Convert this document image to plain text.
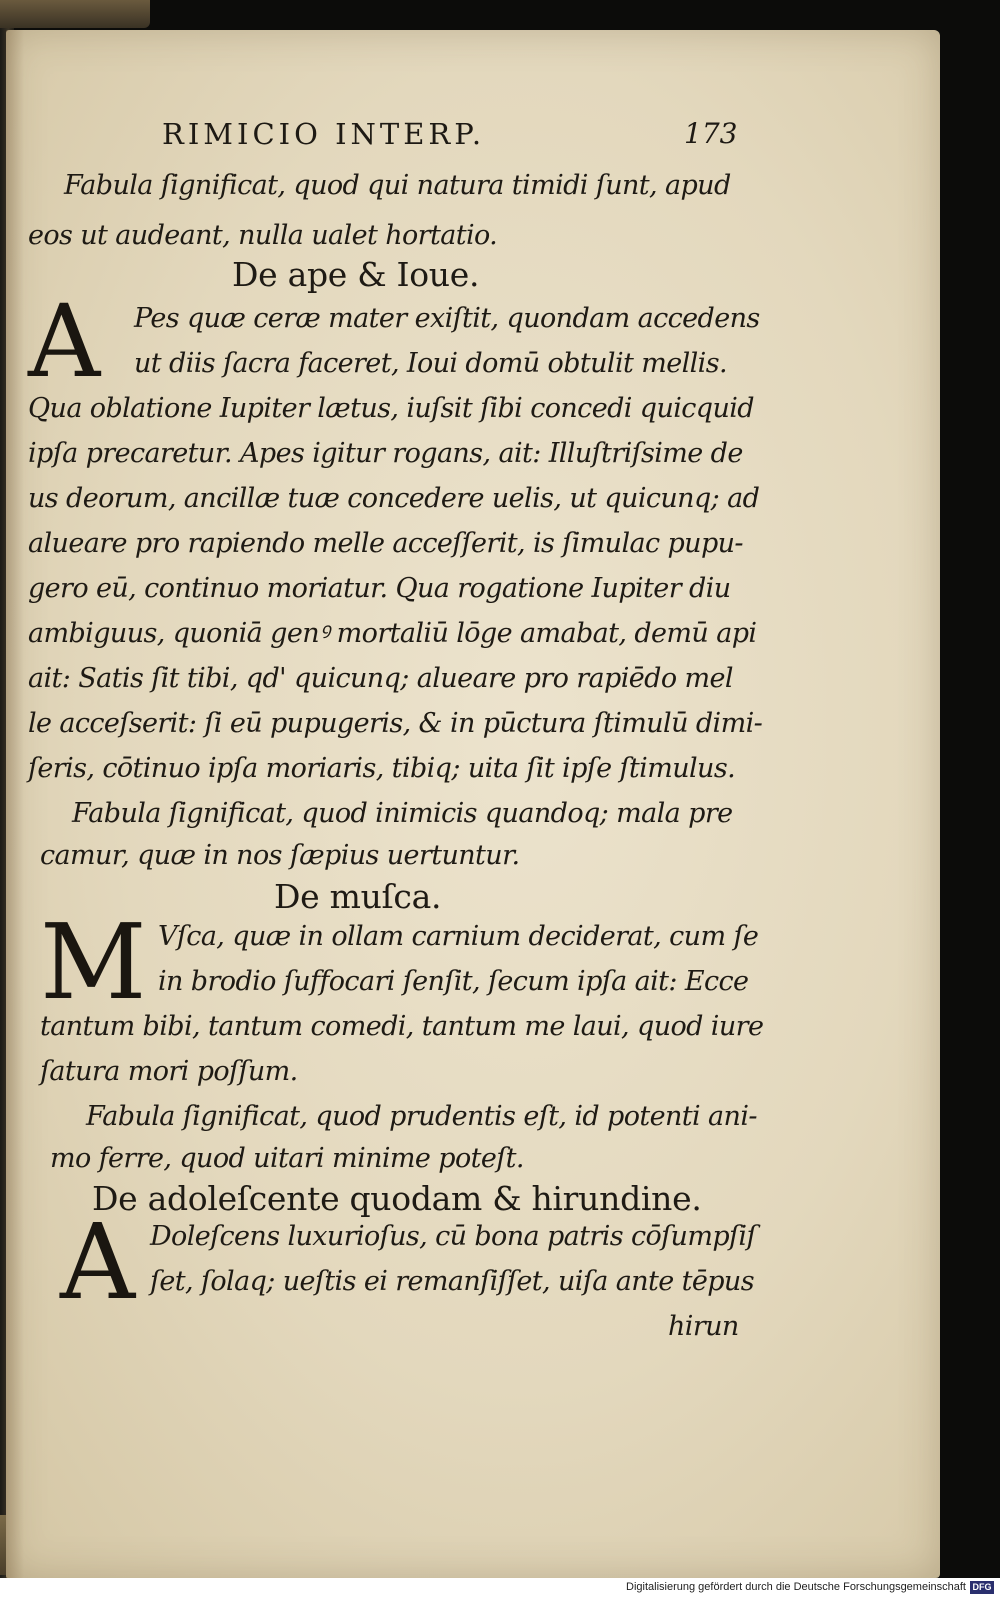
RIMICIO INTERP.	173
Fabula ſignificat, quod qui natura timidi ſunt, apud
eos ut audeant, nulla ualet hortatio.
De ape & Ioue.
A Pes quæ ceræ mater exiſtit, quondam accedens
ut diis ſacra faceret, Ioui domū obtulit mellis.
Qua oblatione Iupiter lætus, iuſsit ſibi concedi quicquid
ipſa precaretur. Apes igitur rogans, ait: Illuſtriſsime de
us deorum, ancillæ tuæ concedere uelis, ut quicunq; ad
alueare pro rapiendo melle acceſſerit, is ſimulac pupu-
gero eū, continuo moriatur. Qua rogatione Iupiter diu
ambiguus, quoniā genꝰ mortaliū lōge amabat, demū api
ait: Satis ſit tibi, qd' quicunq; alueare pro rapiēdo mel
le acceſserit: ſi eū pupugeris, & in pūctura ſtimulū dimi-
ſeris, cōtinuo ipſa moriaris, tibiq; uita ſit ipſe ſtimulus.
Fabula ſignificat, quod inimicis quandoq; mala pre
camur, quæ in nos ſæpius uertuntur.
De muſca.
M Vſca, quæ in ollam carnium deciderat, cum ſe
in brodio ſuffocari ſenſit, ſecum ipſa ait: Ecce
tantum bibi, tantum comedi, tantum me laui, quod iure
ſatura mori poſſum.
Fabula ſignificat, quod prudentis eſt, id potenti ani-
mo ferre, quod uitari minime poteſt.
De adoleſcente quodam & hirundine.
A Doleſcens luxurioſus, cū bona patris cōſumpſiſ
ſet, ſolaq; ueſtis ei remanſiſſet, uiſa ante tēpus
hirun
Digitalisierung gefördert durch die Deutsche Forschungsgemeinschaft DFG
